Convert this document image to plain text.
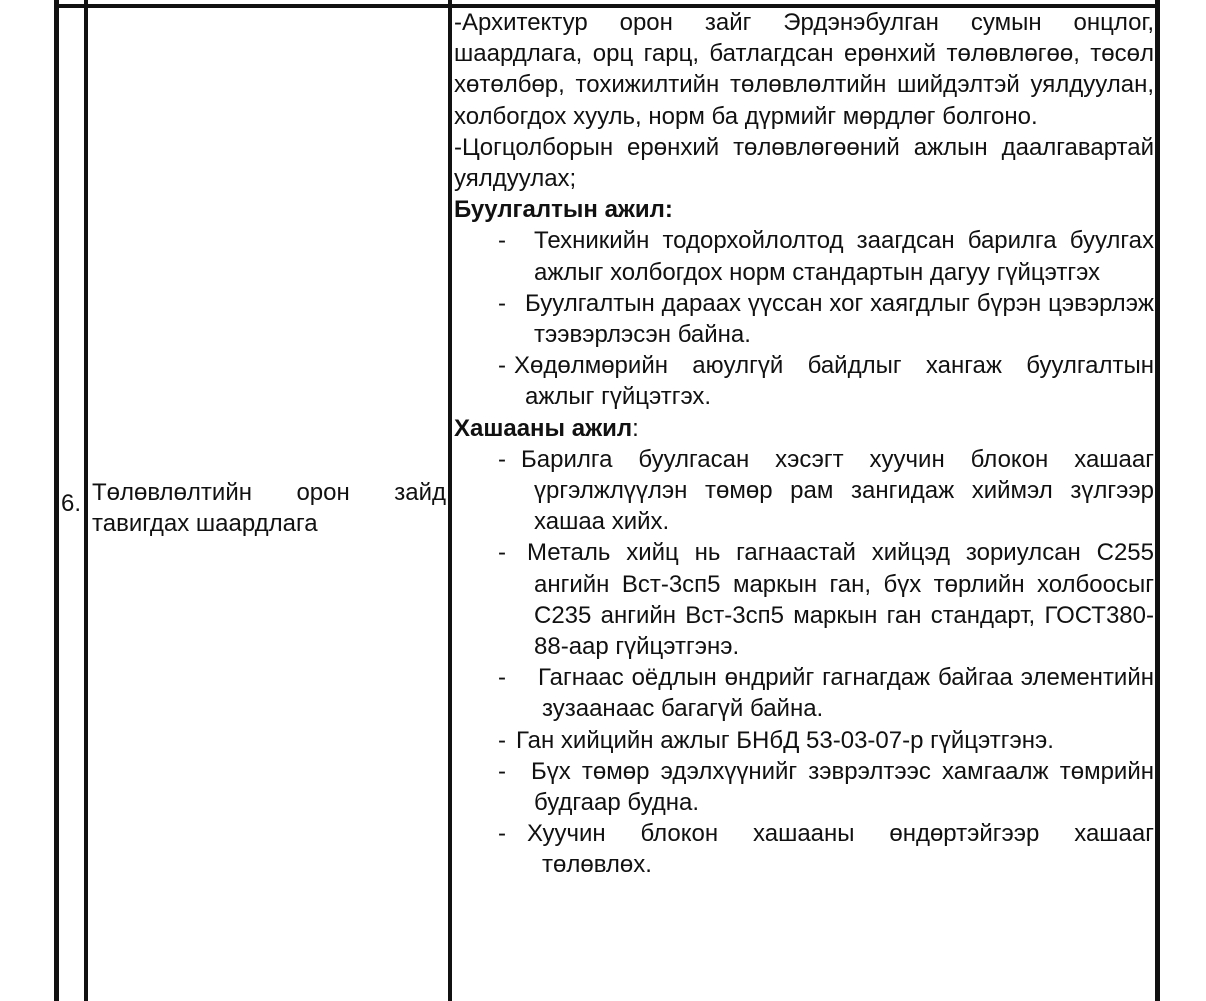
6. Төлөвлөлтийн орон зайд
тавигдах шаардлага

-Архитектур орон зайг Эрдэнэбулган сумын онцлог, шаардлага, орц гарц, батлагдсан ерөнхий төлөвлөгөө, төсөл хөтөлбөр, тохижилтийн төлөвлөлтийн шийдэлтэй уялдуулан, холбогдох хууль, норм ба дүрмийг мөрдлөг болгоно.

-Цогцолборын ерөнхий төлөвлөгөөний ажлын даалгавартай уялдуулах;

Буулгалтын ажил:
- Техникийн тодорхойлолтод заагдсан барилга буулгах ажлыг холбогдох норм стандартын дагуу гүйцэтгэх
- Буулгалтын дараах үүссан хог хаягдлыг бүрэн цэвэрлэж тээвэрлэсэн байна.
- Хөдөлмөрийн аюулгүй байдлыг хангаж буулгалтын ажлыг гүйцэтгэх.
Хашааны ажил:
- Барилга буулгасан хэсэгт хуучин блокон хашааг үргэлжлүүлэн төмөр рам зангидаж хиймэл зүлгээр хашаа хийх.
- Металь хийц нь гагнаастай хийцэд зориулсан С255 ангийн Вст-3сп5 маркын ган, бүх төрлийн холбоосыг С235 ангийн Вст-3сп5 маркын ган стандарт, ГОСТ380-88-аар гүйцэтгэнэ.
- Гагнаас оёдлын өндрийг гагнагдаж байгаа элементийн зузаанаас багагүй байна.
- Ган хийцийн ажлыг БНбД 53-03-07-р гүйцэтгэнэ.
- Бүх төмөр эдэлхүүнийг зэврэлтээс хамгаалж төмрийн будгаар будна.
- Хуучин блокон хашааны өндөртэйгээр хашааг төлөвлөх.
